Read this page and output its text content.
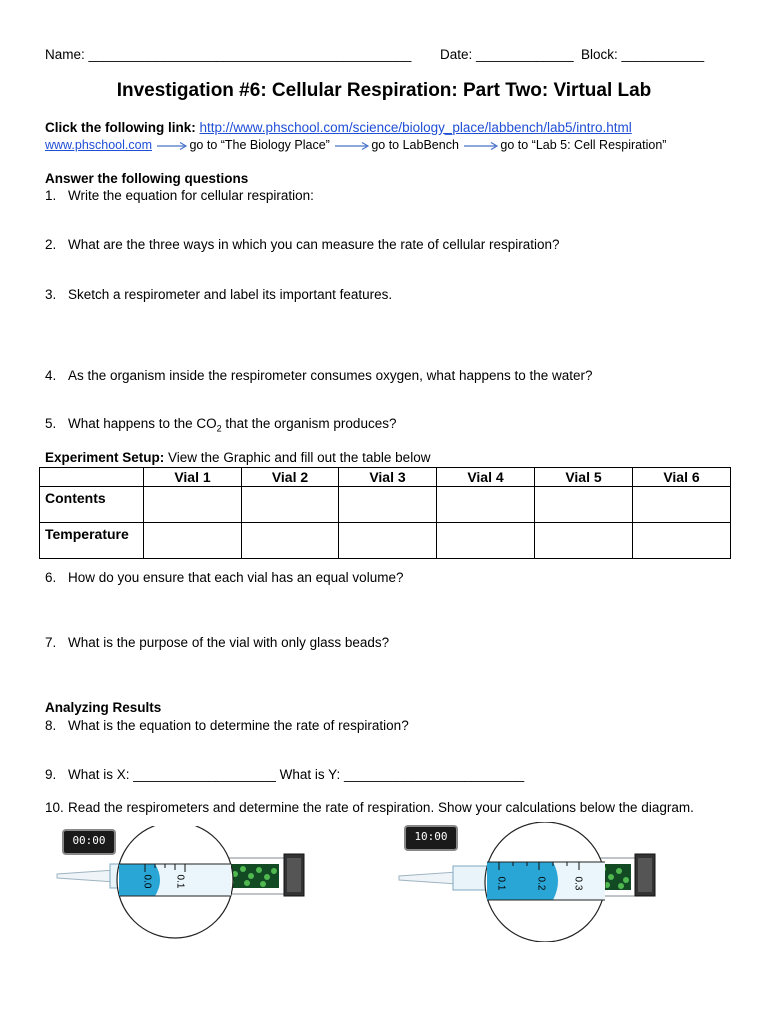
Name: ___________________________________________ Date: _____________ Block: ___________
Investigation #6: Cellular Respiration: Part Two: Virtual Lab
Click the following link: http://www.phschool.com/science/biology_place/labbench/lab5/intro.html
www.phschool.com	go to “The Biology Place”	go to LabBench	go to “Lab 5: Cell Respiration”
Answer the following questions
1. Write the equation for cellular respiration:
2. What are the three ways in which you can measure the rate of cellular respiration?
3. Sketch a respirometer and label its important features.
4. As the organism inside the respirometer consumes oxygen, what happens to the water?
5. What happens to the $CO_2$ that the organism produces?
Experiment Setup: View the Graphic and fill out the table below
	Vial 1	Vial 2	Vial 3	Vial 4	Vial 5	Vial 6
Contents						
Temperature						
6. How do you ensure that each vial has an equal volume?
7. What is the purpose of the vial with only glass beads?
Analyzing Results
8. What is the equation to determine the rate of respiration?
9. What is X: ___________________ What is Y: ________________________
10. Read the respirometers and determine the rate of respiration. Show your calculations below the diagram.
00:00
0.0 0.1
10:00
0.1	0.2	0.3
